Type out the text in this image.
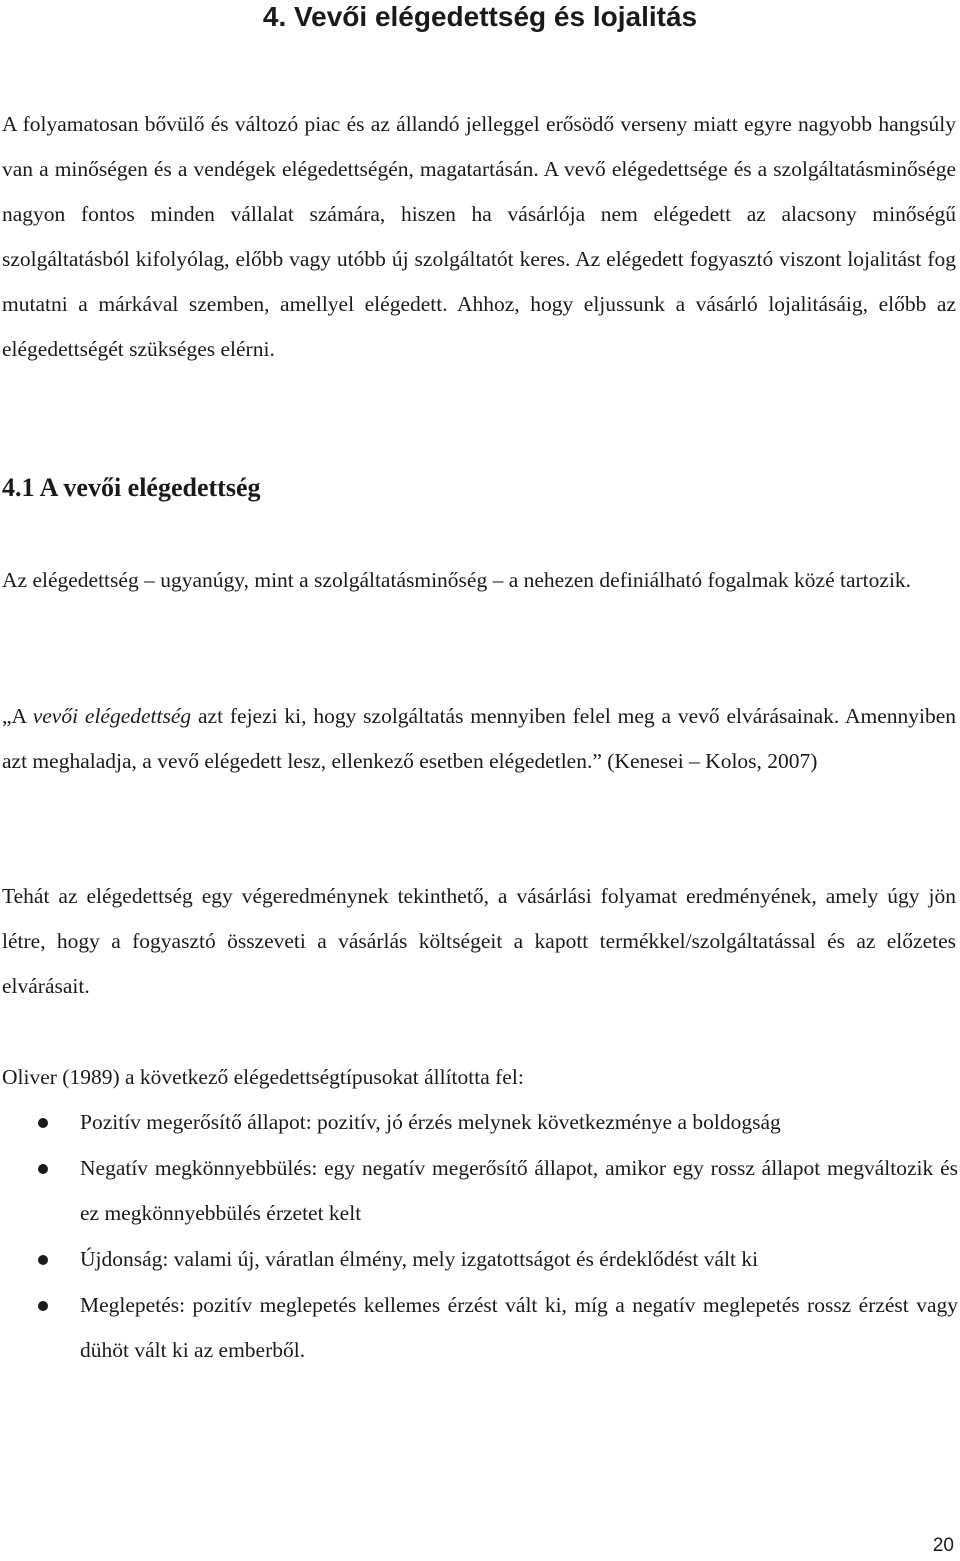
4. Vevői elégedettség és lojalitás

A folyamatosan bővülő és változó piac és az állandó jelleggel erősödő verseny miatt egyre nagyobb hangsúly van a minőségen és a vendégek elégedettségén, magatartásán. A vevő elégedettsége és a szolgáltatásminősége nagyon fontos minden vállalat számára, hiszen ha vásárlója nem elégedett az alacsony minőségű szolgáltatásból kifolyólag, előbb vagy utóbb új szolgáltatót keres. Az elégedett fogyasztó viszont lojalitást fog mutatni a márkával szemben, amellyel elégedett. Ahhoz, hogy eljussunk a vásárló lojalitásáig, előbb az elégedettségét szükséges elérni.

4.1 A vevői elégedettség

Az elégedettség – ugyanúgy, mint a szolgáltatásminőség – a nehezen definiálható fogalmak közé tartozik.

„A vevői elégedettség azt fejezi ki, hogy szolgáltatás mennyiben felel meg a vevő elvárásainak. Amennyiben azt meghaladja, a vevő elégedett lesz, ellenkező esetben elégedetlen.” (Kenesei – Kolos, 2007)

Tehát az elégedettség egy végeredménynek tekinthető, a vásárlási folyamat eredményének, amely úgy jön létre, hogy a fogyasztó összeveti a vásárlás költségeit a kapott termékkel/szolgáltatással és az előzetes elvárásait.

Oliver (1989) a következő elégedettségtípusokat állította fel:

Pozitív megerősítő állapot: pozitív, jó érzés melynek következménye a boldogság
Negatív megkönnyebbülés: egy negatív megerősítő állapot, amikor egy rossz állapot megváltozik és ez megkönnyebbülés érzetet kelt
Újdonság: valami új, váratlan élmény, mely izgatottságot és érdeklődést vált ki
Meglepetés: pozitív meglepetés kellemes érzést vált ki, míg a negatív meglepetés rossz érzést vagy dühöt vált ki az emberből.
20
